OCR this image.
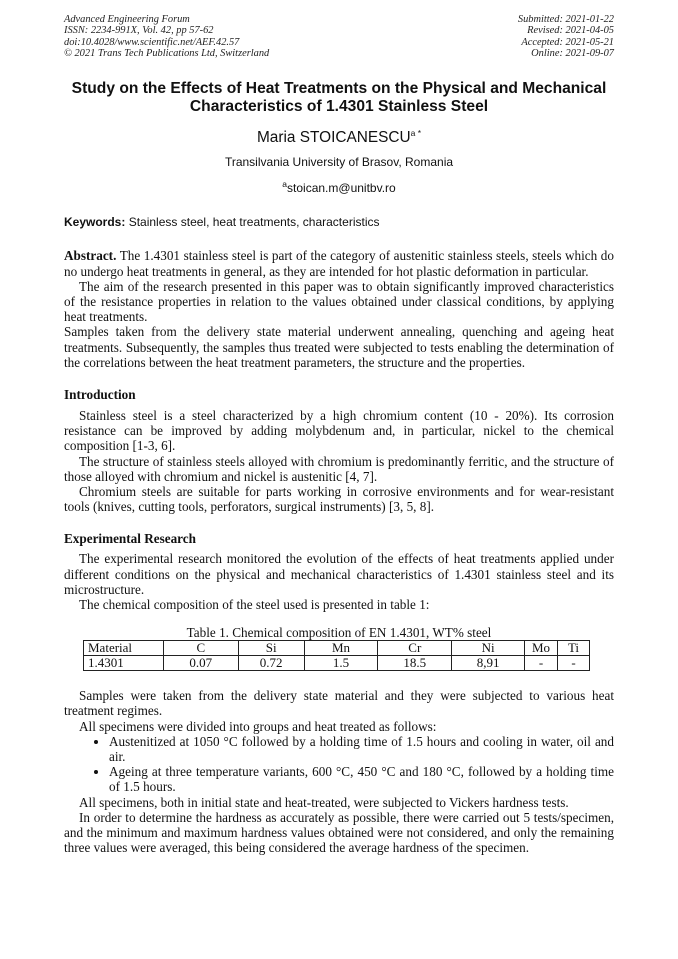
Advanced Engineering Forum
ISSN: 2234-991X, Vol. 42, pp 57-62
doi:10.4028/www.scientific.net/AEF.42.57
© 2021 Trans Tech Publications Ltd, Switzerland
Submitted: 2021-01-22
Revised: 2021-04-05
Accepted: 2021-05-21
Online: 2021-09-07
Study on the Effects of Heat Treatments on the Physical and Mechanical Characteristics of 1.4301 Stainless Steel
Maria $STOICANESCU^{a *}$
Transilvania University of Brasov, Romania
$^a$stoican.m@unitbv.ro
Keywords: Stainless steel, heat treatments, characteristics

Abstract. The 1.4301 stainless steel is part of the category of austenitic stainless steels, steels which do no undergo heat treatments in general, as they are intended for hot plastic deformation in particular.

The aim of the research presented in this paper was to obtain significantly improved characteristics of the resistance properties in relation to the values obtained under classical conditions, by applying heat treatments.

Samples taken from the delivery state material underwent annealing, quenching and ageing heat treatments. Subsequently, the samples thus treated were subjected to tests enabling the determination of the correlations between the heat treatment parameters, the structure and the properties.

Introduction

Stainless steel is a steel characterized by a high chromium content (10 - 20%). Its corrosion resistance can be improved by adding molybdenum and, in particular, nickel to the chemical composition [1-3, 6].

The structure of stainless steels alloyed with chromium is predominantly ferritic, and the structure of those alloyed with chromium and nickel is austenitic [4, 7].

Chromium steels are suitable for parts working in corrosive environments and for wear-resistant tools (knives, cutting tools, perforators, surgical instruments) [3, 5, 8].

Experimental Research

The experimental research monitored the evolution of the effects of heat treatments applied under different conditions on the physical and mechanical characteristics of 1.4301 stainless steel and its microstructure.

The chemical composition of the steel used is presented in table 1:

Table 1. Chemical composition of EN 1.4301, WT% steel
Material	C	Si	Mn	Cr	Ni	Mo	Ti
1.4301	0.07	0.72	1.5	18.5	8,91	-	-

Samples were taken from the delivery state material and they were subjected to various heat treatment regimes.

All specimens were divided into groups and heat treated as follows:

• Austenitized at 1050 °C followed by a holding time of 1.5 hours and cooling in water, oil and air.
• Ageing at three temperature variants, 600 °C, 450 °C and 180 °C, followed by a holding time of 1.5 hours.

All specimens, both in initial state and heat-treated, were subjected to Vickers hardness tests.

In order to determine the hardness as accurately as possible, there were carried out 5 tests/specimen, and the minimum and maximum hardness values obtained were not considered, and only the remaining three values were averaged, this being considered the average hardness of the specimen.
